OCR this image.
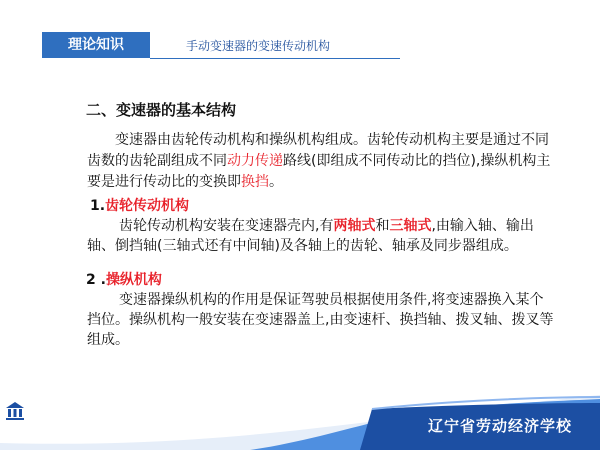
理论知识	手动变速器的变速传动机构
二、变速器的基本结构

变速器由齿轮传动机构和操纵机构组成。齿轮传动机构主要是通过不同齿数的齿轮副组成不同动力传递路线(即组成不同传动比的挡位),操纵机构主要是进行传动比的变换即换挡。

1.齿轮传动机构

齿轮传动机构安装在变速器壳内,有两轴式和三轴式,由输入轴、输出轴、倒挡轴(三轴式还有中间轴)及各轴上的齿轮、轴承及同步器组成。

2 .操纵机构

变速器操纵机构的作用是保证驾驶员根据使用条件,将变速器换入某个挡位。操纵机构一般安装在变速器盖上,由变速杆、换挡轴、拨叉轴、拨叉等组成。

辽宁省劳动经济学校
